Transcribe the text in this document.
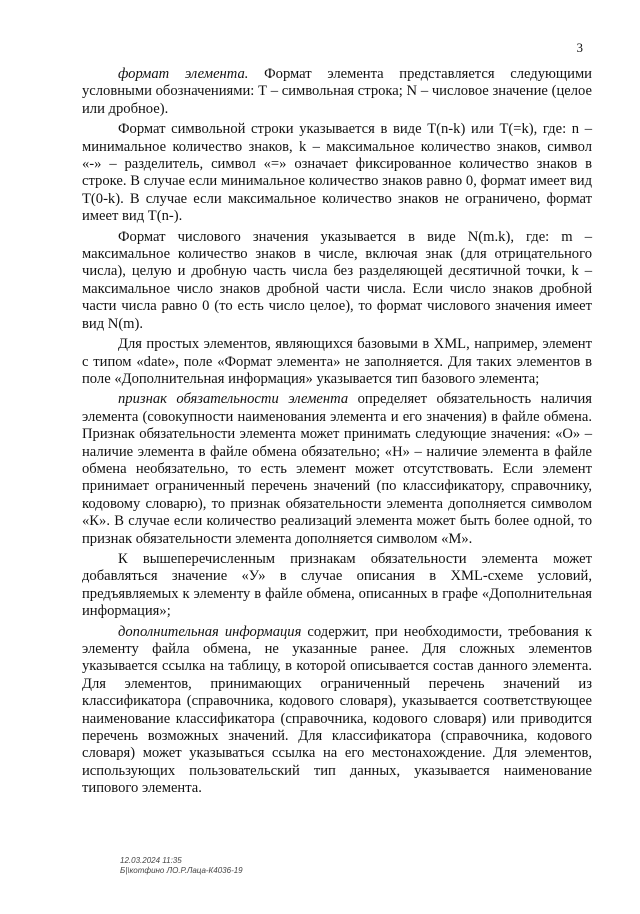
3

формат элемента. Формат элемента представляется следующими условными обозначениями: Т – символьная строка; N – числовое значение (целое или дробное).

Формат символьной строки указывается в виде Т(n-k) или Т(=k), где: n – минимальное количество знаков, k – максимальное количество знаков, символ «-» – разделитель, символ «=» означает фиксированное количество знаков в строке. В случае если минимальное количество знаков равно 0, формат имеет вид Т(0-k). В случае если максимальное количество знаков не ограничено, формат имеет вид Т(n-).

Формат числового значения указывается в виде N(m.k), где: m – максимальное количество знаков в числе, включая знак (для отрицательного числа), целую и дробную часть числа без разделяющей десятичной точки, k – максимальное число знаков дробной части числа. Если число знаков дробной части числа равно 0 (то есть число целое), то формат числового значения имеет вид N(m).

Для простых элементов, являющихся базовыми в XML, например, элемент с типом «date», поле «Формат элемента» не заполняется. Для таких элементов в поле «Дополнительная информация» указывается тип базового элемента;

признак обязательности элемента определяет обязательность наличия элемента (совокупности наименования элемента и его значения) в файле обмена. Признак обязательности элемента может принимать следующие значения: «О» – наличие элемента в файле обмена обязательно; «Н» – наличие элемента в файле обмена необязательно, то есть элемент может отсутствовать. Если элемент принимает ограниченный перечень значений (по классификатору, справочнику, кодовому словарю), то признак обязательности элемента дополняется символом «К». В случае если количество реализаций элемента может быть более одной, то признак обязательности элемента дополняется символом «М».

К вышеперечисленным признакам обязательности элемента может добавляться значение «У» в случае описания в XML-схеме условий, предъявляемых к элементу в файле обмена, описанных в графе «Дополнительная информация»;

дополнительная информация содержит, при необходимости, требования к элементу файла обмена, не указанные ранее. Для сложных элементов указывается ссылка на таблицу, в которой описывается состав данного элемента. Для элементов, принимающих ограниченный перечень значений из классификатора (справочника, кодового словаря), указывается соответствующее наименование классификатора (справочника, кодового словаря) или приводится перечень возможных значений. Для классификатора (справочника, кодового словаря) может указываться ссылка на его местонахождение. Для элементов, использующих пользовательский тип данных, указывается наименование типового элемента.

12.03.2024 11:35
Б|\котфино ЛО.Р.Лаца-К4036-19
